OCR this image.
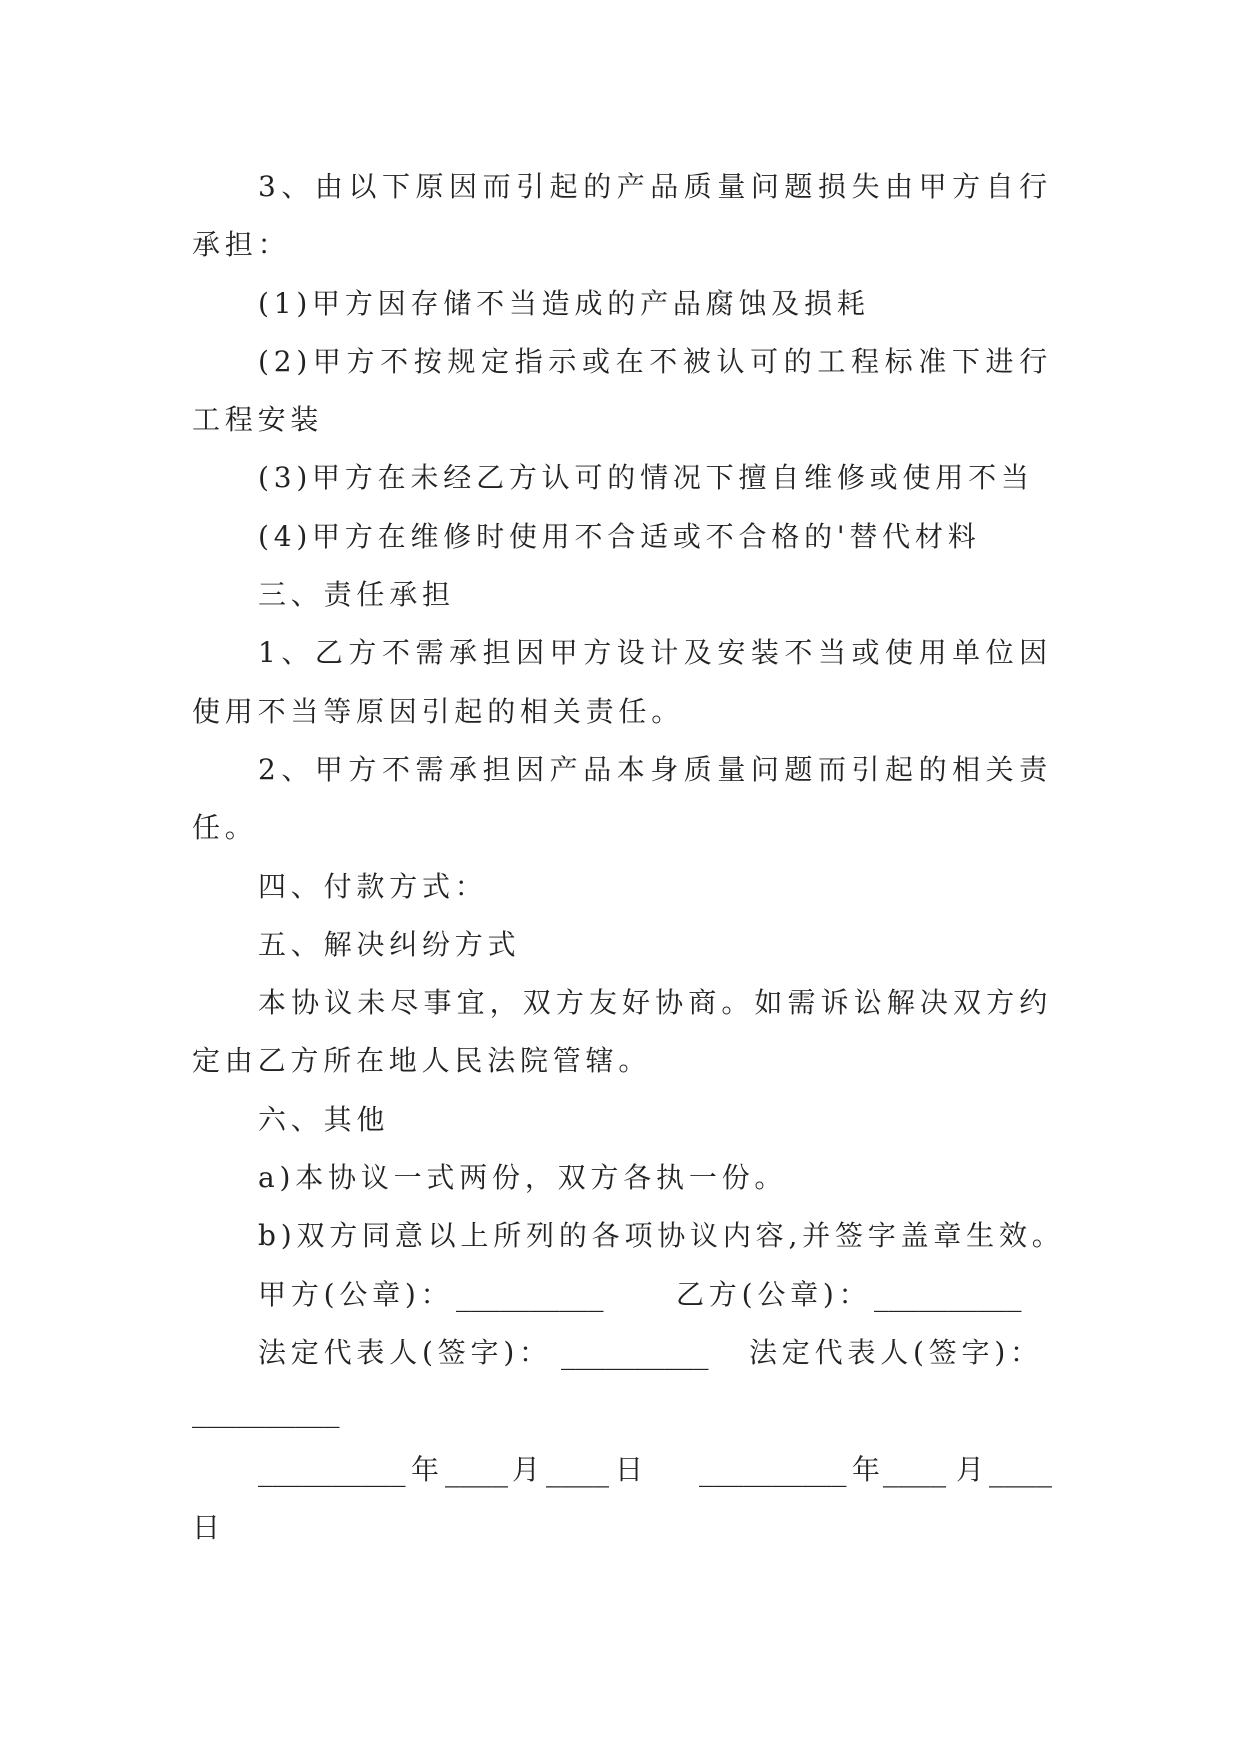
3、由以下原因而引起的产品质量问题损失由甲方自行
承担：
(1)甲方因存储不当造成的产品腐蚀及损耗
(2)甲方不按规定指示或在不被认可的工程标准下进行
工程安装
(3)甲方在未经乙方认可的情况下擅自维修或使用不当
(4)甲方在维修时使用不合适或不合格的'替代材料
三、责任承担
1、乙方不需承担因甲方设计及安装不当或使用单位因
使用不当等原因引起的相关责任。
2、甲方不需承担因产品本身质量问题而引起的相关责
任。
四、付款方式：
五、解决纠纷方式
本协议未尽事宜，双方友好协商。如需诉讼解决双方约
定由乙方所在地人民法院管辖。
六、其他
a)本协议一式两份，双方各执一份。
b)双方同意以上所列的各项协议内容,并签字盖章生效。
甲方(公章)： __________	乙方(公章)： __________
法定代表人(签字)： __________ 法定代表人(签字)：
__________
__________ 年 ____ 月 ____ 日 __________ 年
____ 月 ____
日
